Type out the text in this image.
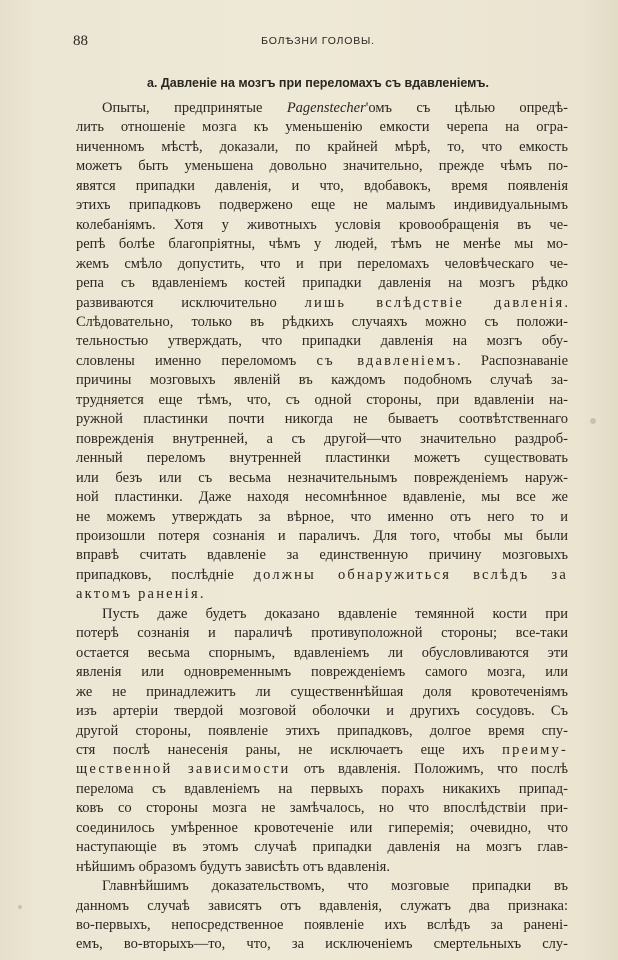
88	БОЛѢЗНИ ГОЛОВЫ.
а. Давленіе на мозгъ при переломахъ съ вдавленіемъ.

Опыты, предпринятые Pagenstecher'омъ съ цѣлью опредѣ-
лить отношеніе мозга къ уменьшенію емкости черепа на огра-
ниченномъ мѣстѣ, доказали, по крайней мѣрѣ, то, что емкость
можетъ быть уменьшена довольно значительно, прежде чѣмъ по-
явятся припадки давленія, и что, вдобавокъ, время появленія
этихъ припадковъ подвержено еще не малымъ индивидуальнымъ
колебаніямъ. Хотя у животныхъ условія кровообращенія въ че-
репѣ болѣе благопріятны, чѣмъ у людей, тѣмъ не менѣе мы мо-
жемъ смѣло допустить, что и при переломахъ человѣческаго че-
репа съ вдавленіемъ костей припадки давленія на мозгъ рѣдко
развиваются исключительно лишь вслѣдствіе давленія.
Слѣдовательно, только въ рѣдкихъ случаяхъ можно съ положи-
тельностью утверждать, что припадки давленія на мозгъ обу-
словлены именно переломомъ съ вдавленіемъ. Распознаваніе
причины мозговыхъ явленій въ каждомъ подобномъ случаѣ за-
трудняется еще тѣмъ, что, съ одной стороны, при вдавленіи на-
ружной пластинки почти никогда не бываетъ соотвѣтственнаго
поврежденія внутренней, а съ другой—что значительно раздроб-
ленный переломъ внутренней пластинки можетъ существовать
или безъ или съ весьма незначительнымъ поврежденіемъ наруж-
ной пластинки. Даже находя несомнѣнное вдавленіе, мы все же
не можемъ утверждать за вѣрное, что именно отъ него то и
произошли потеря сознанія и параличъ. Для того, чтобы мы были
вправѣ считать вдавленіе за единственную причину мозговыхъ
припадковъ, послѣдніе должны обнаружиться вслѣдъ за
актомъ раненія.

Пусть даже будетъ доказано вдавленіе темянной кости при
потерѣ сознанія и параличѣ противуположной стороны; все-таки
остается весьма спорнымъ, вдавленіемъ ли обусловливаются эти
явленія или одновременнымъ поврежденіемъ самого мозга, или
же не принадлежитъ ли существеннѣйшая доля кровотеченіямъ
изъ артеріи твердой мозговой оболочки и другихъ сосудовъ. Съ
другой стороны, появленіе этихъ припадковъ, долгое время спу-
стя послѣ нанесенія раны, не исключаетъ еще ихъ преиму-
щественной зависимости отъ вдавленія. Положимъ, что послѣ
перелома съ вдавленіемъ на первыхъ порахъ никакихъ припад-
ковъ со стороны мозга не замѣчалось, но что впослѣдствіи при-
соединилось умѣренное кровотеченіе или гиперемія; очевидно, что
наступающіе въ этомъ случаѣ припадки давленія на мозгъ глав-
нѣйшимъ образомъ будутъ зависѣть отъ вдавленія.

Главнѣйшимъ доказательствомъ, что мозговые припадки въ
данномъ случаѣ зависятъ отъ вдавленія, служатъ два признака:
во-первыхъ, непосредственное появленіе ихъ вслѣдъ за ранені-
емъ, во-вторыхъ—то, что, за исключеніемъ смертельныхъ слу-
